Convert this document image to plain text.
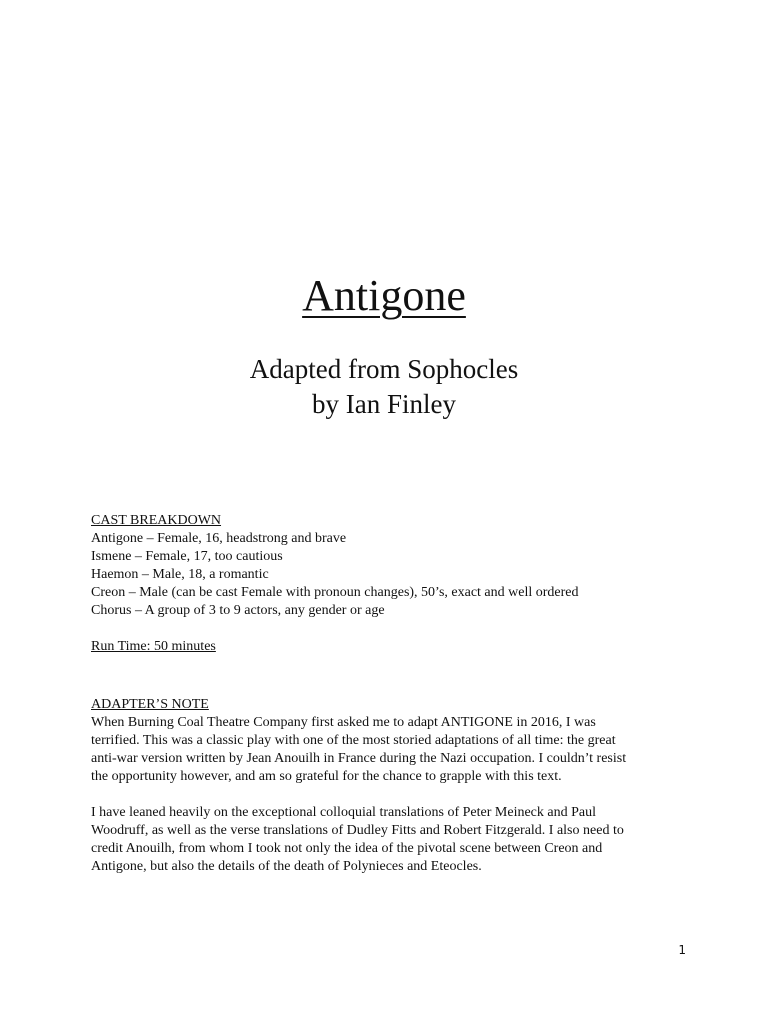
Antigone

Adapted from Sophocles

by Ian Finley

CAST BREAKDOWN
Antigone – Female, 16, headstrong and brave
Ismene – Female, 17, too cautious
Haemon – Male, 18, a romantic
Creon – Male (can be cast Female with pronoun changes), 50’s, exact and well ordered
Chorus – A group of 3 to 9 actors, any gender or age
Run Time: 50 minutes
ADAPTER’S NOTE
When Burning Coal Theatre Company first asked me to adapt ANTIGONE in 2016, I was
terrified. This was a classic play with one of the most storied adaptations of all time: the great
anti-war version written by Jean Anouilh in France during the Nazi occupation. I couldn’t resist
the opportunity however, and am so grateful for the chance to grapple with this text.
I have leaned heavily on the exceptional colloquial translations of Peter Meineck and Paul
Woodruff, as well as the verse translations of Dudley Fitts and Robert Fitzgerald. I also need to
credit Anouilh, from whom I took not only the idea of the pivotal scene between Creon and
Antigone, but also the details of the death of Polynieces and Eteocles.
1
